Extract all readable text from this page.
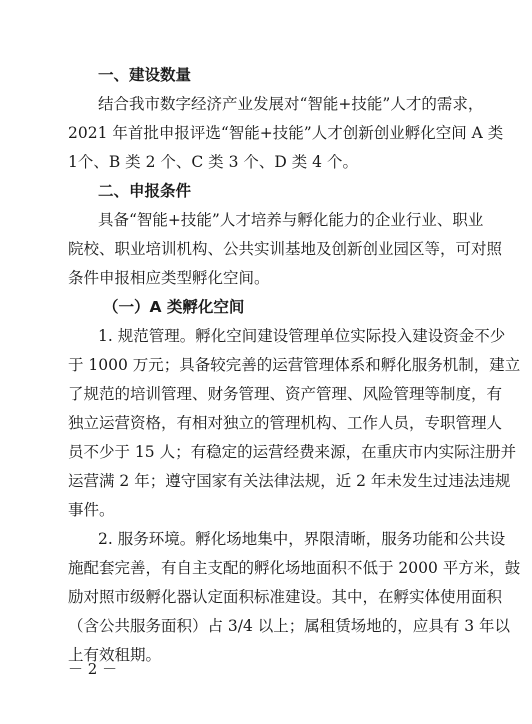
一、建设数量
结合我市数字经济产业发展对“智能+技能”人才的需求，
2021 年首批申报评选“智能+技能”人才创新创业孵化空间 A 类
1个、B 类 2 个、C 类 3 个、D 类 4 个。
二、申报条件
具备“智能+技能”人才培养与孵化能力的企业行业、职业
院校、职业培训机构、公共实训基地及创新创业园区等，可对照
条件申报相应类型孵化空间。
（一）A 类孵化空间
1. 规范管理。孵化空间建设管理单位实际投入建设资金不少
于 1000 万元；具备较完善的运营管理体系和孵化服务机制，建立
了规范的培训管理、财务管理、资产管理、风险管理等制度，有
独立运营资格，有相对独立的管理机构、工作人员，专职管理人
员不少于 15 人；有稳定的运营经费来源，在重庆市内实际注册并
运营满 2 年；遵守国家有关法律法规，近 2 年未发生过违法违规
事件。
2. 服务环境。孵化场地集中，界限清晰，服务功能和公共设
施配套完善，有自主支配的孵化场地面积不低于 2000 平方米，鼓
励对照市级孵化器认定面积标准建设。其中，在孵实体使用面积
（含公共服务面积）占 3/4 以上；属租赁场地的，应具有 3 年以
上有效租期。
－ 2 －
